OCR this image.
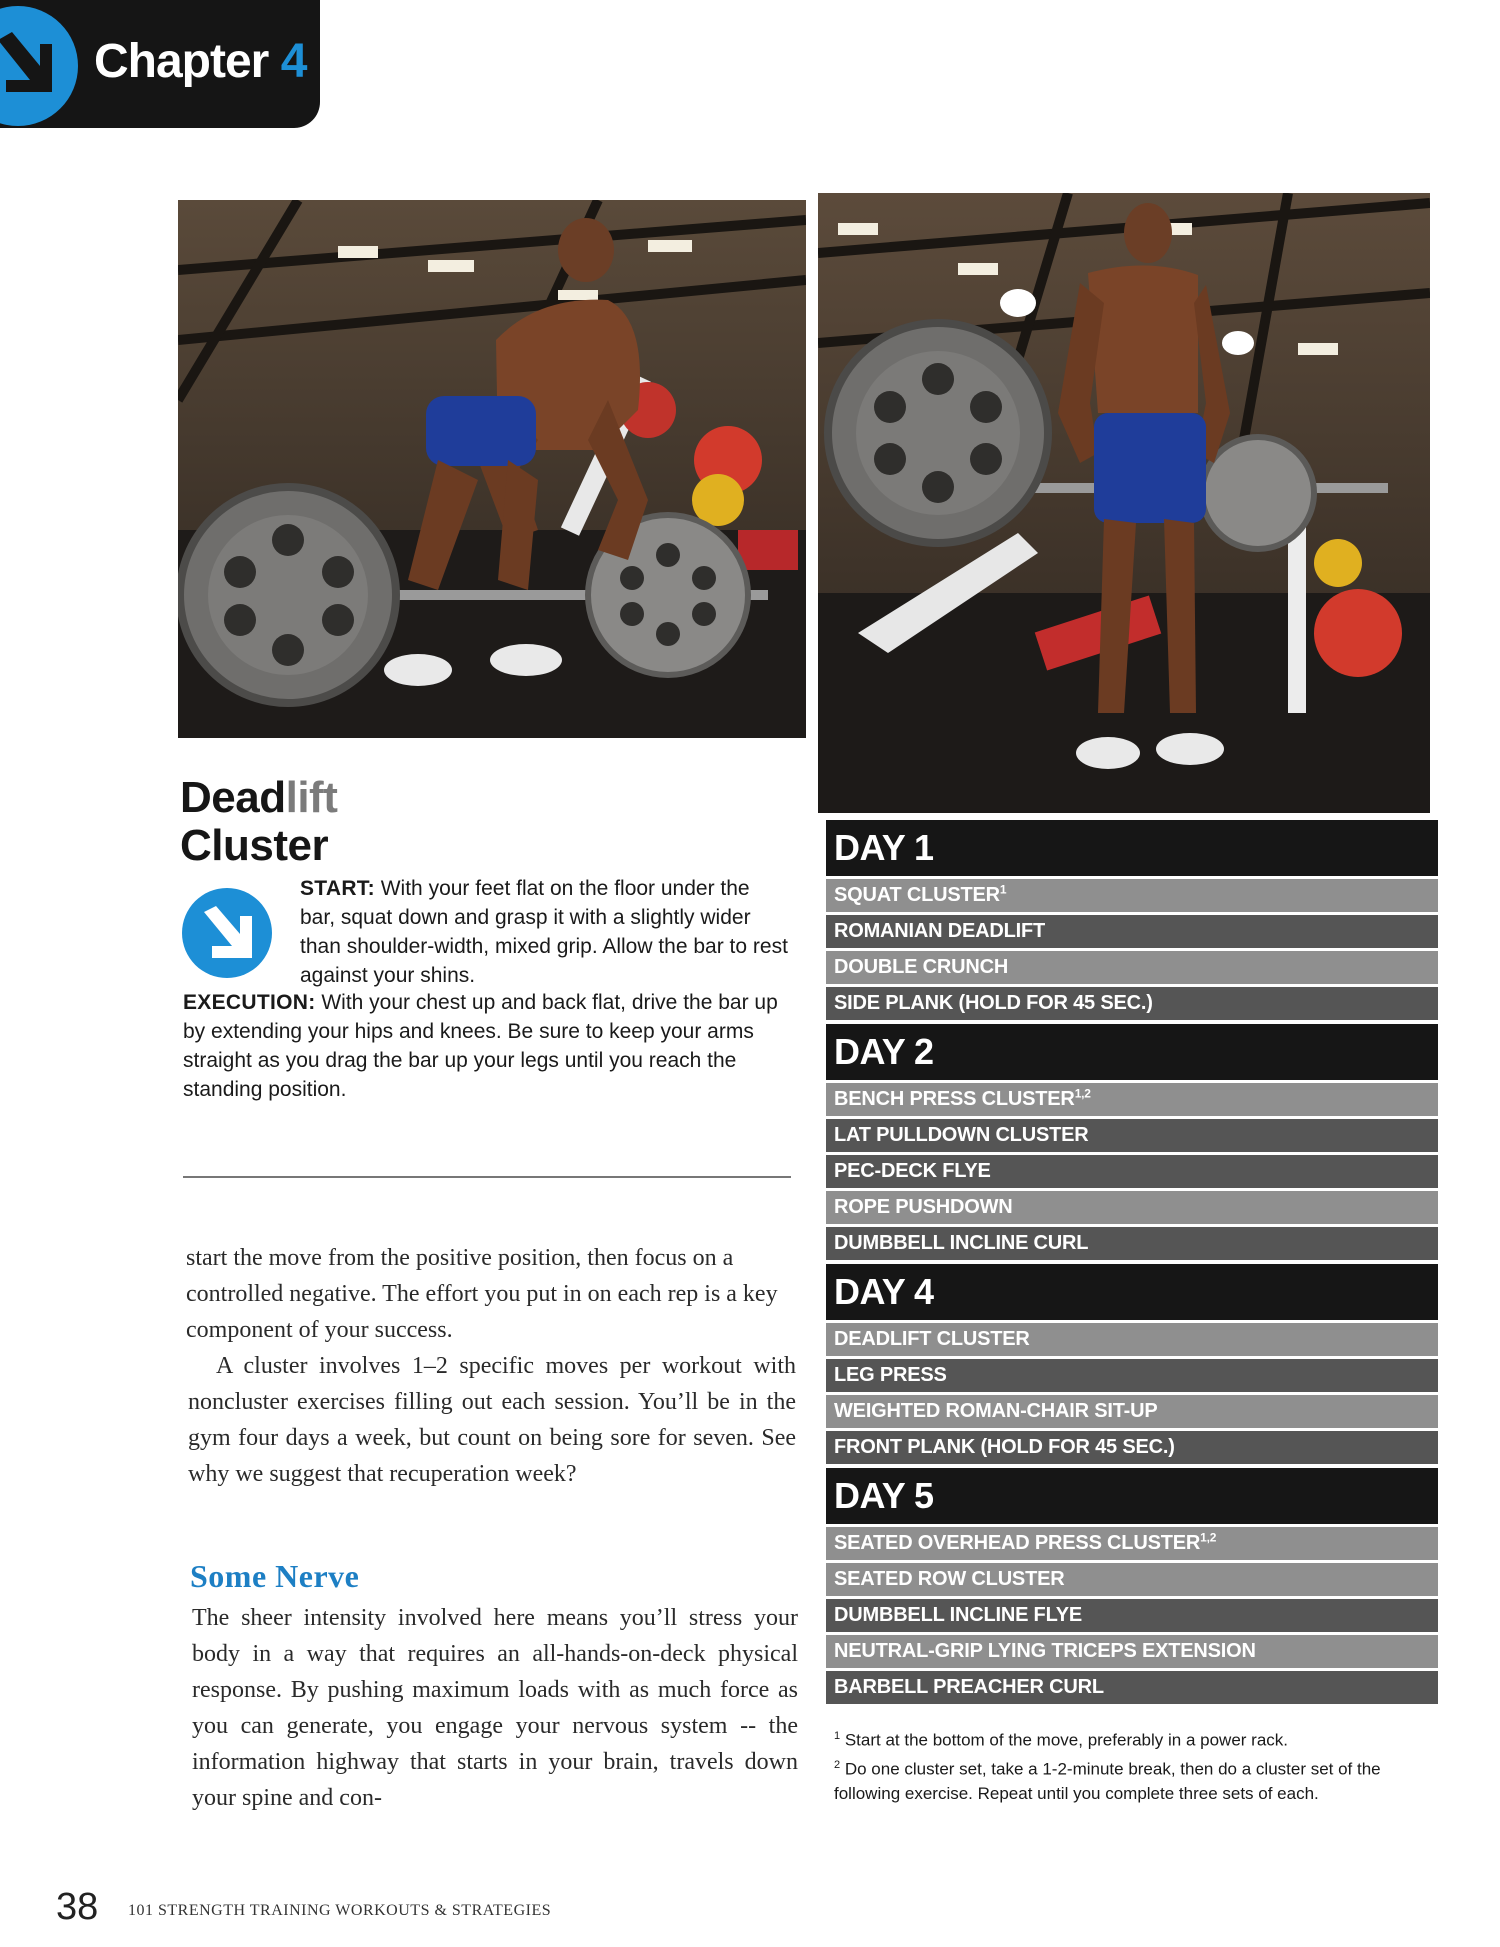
Chapter 4
Deadlift
Cluster
START: With your feet flat on the floor under the bar, squat down and grasp it with a slightly wider than shoulder-width, mixed grip. Allow the bar to rest against your shins.
EXECUTION: With your chest up and back flat, drive the bar up by extending your hips and knees. Be sure to keep your arms straight as you drag the bar up your legs until you reach the standing position.

start the move from the positive position, then focus on a controlled negative. The effort you put in on each rep is a key component of your success.

A cluster involves 1–2 specific moves per workout with noncluster exercises filling out each session. You’ll be in the gym four days a week, but count on being sore for seven. See why we suggest that recuperation week?

Some Nerve

The sheer intensity involved here means you’ll stress your body in a way that requires an all-hands-on-deck physical response. By pushing maximum loads with as much force as you can generate, you engage your nervous system -- the information highway that starts in your brain, travels down your spine and con-

DAY 1
SQUAT CLUSTER$^1$
ROMANIAN DEADLIFT
DOUBLE CRUNCH
SIDE PLANK (HOLD FOR 45 SEC.)
DAY 2
BENCH PRESS CLUSTER$^{1,2}$
LAT PULLDOWN CLUSTER
PEC-DECK FLYE
ROPE PUSHDOWN
DUMBBELL INCLINE CURL
DAY 4
DEADLIFT CLUSTER
LEG PRESS
WEIGHTED ROMAN-CHAIR SIT-UP
FRONT PLANK (HOLD FOR 45 SEC.)
DAY 5
SEATED OVERHEAD PRESS CLUSTER$^{1,2}$
SEATED ROW CLUSTER
DUMBBELL INCLINE FLYE
NEUTRAL-GRIP LYING TRICEPS EXTENSION
BARBELL PREACHER CURL
$^1$ Start at the bottom of the move, preferably in a power rack.
$^2$ Do one cluster set, take a 1-2-minute break, then do a cluster set of the following exercise. Repeat until you complete three sets of each.
38 101 STRENGTH TRAINING WORKOUTS & STRATEGIES
